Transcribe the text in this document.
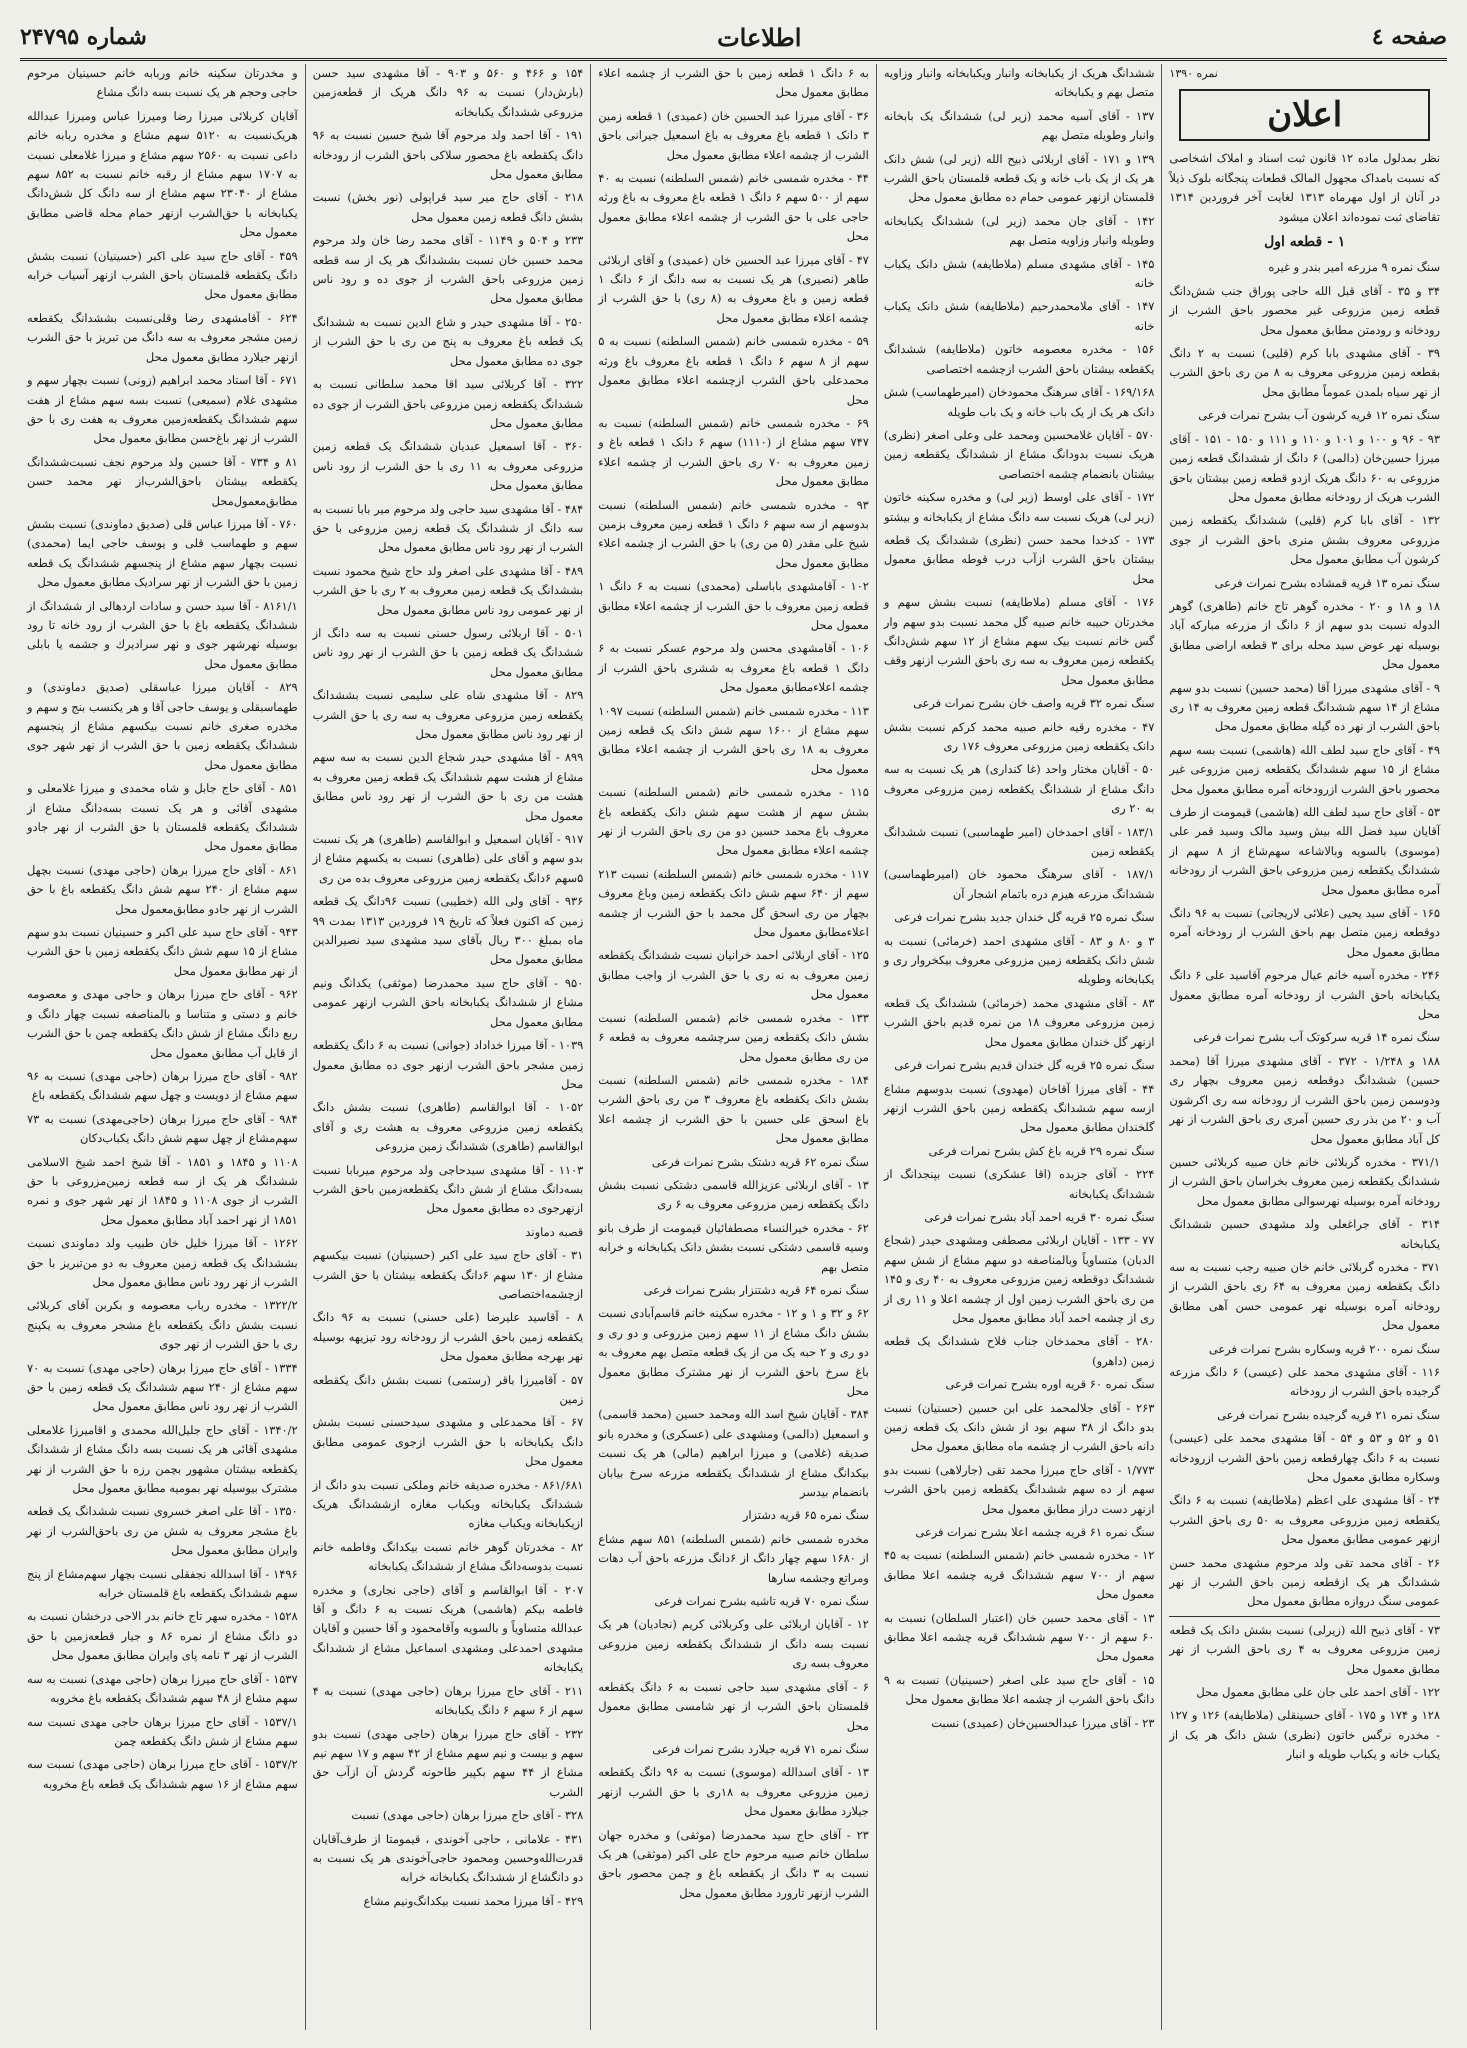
صفحه ٤
اطلاعات
شماره ۲۴۷۹۵
نمره ۱۳۹۰
اعلان
نظر بمدلول ماده ۱۲ قانون ثبت اسناد و املاک اشخاصی که نسبت بامداک مجهول المالک قطعات پنجگانه بلوک ذیلاً در آنان از اول مهرماه ۱۳۱۳ لغایت آخر فروردین ۱۳۱۴ تقاضای ثبت نموده‌اند اعلان میشود
۱ - قطعه اول
سنگ نمره ۹ مزرعه امیر بندر و غیره
۳۴ و ۳۵ - آقای قبل الله حاجی پوراق جنب شش‌دانگ قطعه زمین مزروعی غیر محصور باحق الشرب از رودخانه و رودمتن مطابق معمول محل
۳۹ - آقای مشهدی بابا کرم (قلیی) نسبت به ۲ دانگ بقطعه زمین مزروعی معروف به ۸ من ری باحق الشرب از نهر سیاه بلمدن عموماً مطابق محل
سنگ نمره ۱۲ قریه کرشون آب بشرح نمرات فرعی
۹۳ - ۹۶ و ۱۰۰ و ۱۰۱ و ۱۱۰ و ۱۱۱ و ۱۵۰ - ۱۵۱ - آقای میرزا حسین‌خان (دالمی) ۶ دانگ از ششدانگ قطعه زمین مزروعی به ۶۰ دانگ هریک ازدو قطعه زمین بیشتان باحق الشرب هریک از رودخانه مطابق معمول محل
۱۳۲ - آقای بابا کرم (قلیی) ششدانگ یکقطعه زمین مزروعی معروف بشش منری باحق الشرب از جوی کرشون آب مطابق معمول محل
سنگ نمره ۱۳ قریه قمشاده بشرح نمرات فرعی
۱۸ و ۱۸ و ۲۰ - مخدره گوهر تاج خانم (طاهری) گوهر الدوله نسبت بدو سهم از ۶ دانگ از مزرعه مبارکه آباد بوسیله نهر عوض سید محله برای ۳ قطعه اراضی مطابق معمول محل
۹ - آقای مشهدی میرزا آقا (محمد حسین) نسبت بدو سهم مشاع از ۱۴ سهم ششدانگ قطعه زمین معروف به ۱۴ ری باحق الشرب از نهر ده گیله مطابق معمول محل
۴۹ - آقای حاج سید لطف الله (هاشمی) نسبت بسه سهم مشاع از ۱۵ سهم ششدانگ یکقطعه زمین مزروعی غیر محصور باحق الشرب ازرودخانه آمره مطابق معمول محل
۵۳ - آقای حاج سید لطف الله (هاشمی) قیمومت از طرف آقایان سید فضل الله بیش وسید مالک وسید قمر علی (موسوی) بالسویه وبالاشاعه سهم‌شاع از ۸ سهم از ششدانگ یکقطعه زمین مزروعی باحق الشرب از رودخانه آمره مطابق معمول محل
۱۶۵ - آقای سید یحیی (علائی لاریجانی) نسبت به ۹۶ دانگ دوقطعه زمین متصل بهم باحق الشرب از رودخانه آمره مطابق معمول محل
۲۴۶ - مخدره آسیه خانم عیال مرحوم آقاسید علی ۶ دانگ یکبابخانه باحق الشرب از رودخانه آمره مطابق معمول محل
سنگ نمره ۱۴ قریه سرکوتک آب بشرح نمرات فرعی
۱۸۸ و ۱/۲۴۸ - ۳۷۲ - آقای مشهدی میرزا آقا (محمد حسین) ششدانگ دوقطعه زمین معروف بچهار ری ودوسمن زمین باحق الشرب از رودخانه سه ری اکرشون آب و ۲۰ من بذر ری حسین آمری ری باحق الشرب از نهر کل آباد مطابق معمول محل
۳۷۱/۱ - مخدره گربلائی خانم خان صبیه کربلائی حسین ششدانگ یکقطعه زمین معروف بخراسان باحق الشرب از رودخانه آمره بوسیله نهرسوالی مطابق معمول محل
۳۱۴ - آقای جراغعلی ولد مشهدی حسین ششدانگ یکبابخانه
۳۷۱ - مخدره گربلائی خانم خان صبیه رجب نسبت به سه دانگ یکقطعه زمین معروف به ۶۴ ری باحق الشرب از رودخانه آمره بوسیله نهر عمومی حسن آهی مطابق معمول محل
سنگ نمره ۲۰۰ قریه وسکاره بشرح نمرات فرعی
۱۱۶ - آقای مشهدی محمد علی (عیسی) ۶ دانگ مزرعه گرجیده باحق الشرب از رودخانه
سنگ نمره ۲۱ قریه گرجیده بشرح نمرات فرعی
۵۱ و ۵۲ و ۵۳ و ۵۴ - آقا مشهدی محمد علی (عیسی) نسبت به ۶ دانگ چهارقطعه زمین باحق الشرب ازرودخانه وسکاره مطابق معمول محل
۲۴ - آقا مشهدی علی اعظم (ملاطایفه) نسبت به ۶ دانگ یکقطعه زمین مزروعی معروف به ۵۰ ری باحق الشرب ازنهر عمومی مطابق معمول محل
۲۶ - آقای محمد تقی ولد مرحوم مشهدی محمد حسن ششدانگ هر یک ازقطعه زمین باحق الشرب از نهر عمومی سنگ دروازه مطابق معمول محل
۷۳ - آقای ذبیح الله (زیرلی) نسبت بشش دانک یک قطعه زمین مزروعی معروف به ۴ ری باحق الشرب از نهر مطابق معمول محل
۱۲۲ - آقای احمد علی جان علی مطابق معمول محل
۱۲۸ و ۱۷۴ و ۱۷۵ - آقای حسینقلی (ملاطایفه) ۱۲۶ و ۱۲۷ - مخدره نرگس خاتون (نظری) شش دانگ هر یک از یکباب خانه و یکباب طویله و انبار
ششدانگ هریک از یکبابخانه وانبار ویکبابخانه وانبار وزاویه متصل بهم و یکبابخانه
۱۳۷ - آقای آسیه محمد (زیر لی) ششدانگ یک بابخانه وانبار وطویله متصل بهم
۱۳۹ و ۱۷۱ - آقای اربلائی ذبیح الله (زیر لی) شش دانک هر یک از یک باب خانه و یک قطعه قلمستان باحق الشرب قلمستان ازنهر عمومی حمام ده مطابق معمول محل
۱۴۲ - آقای جان محمد (زیر لی) ششدانگ یکبابخانه وطویله وانبار وزاویه متصل بهم
۱۴۵ - آقای مشهدی مسلم (ملاطایفه) شش دانک یکباب خانه
۱۴۷ - آقای ملامحمدرحیم (ملاطایفه) شش دانک یکباب خانه
۱۵۶ - مخدره معصومه خاتون (ملاطایفه) ششدانگ یکقطعه بیشتان باحق الشرب ازچشمه اختصاصی
۱۶۹/۱۶۸ - آقای سرهنگ محمودخان (امیرطهماسب) شش دانک هر یک از یک باب خانه و یک باب طویله
۵۷۰ - آقایان غلامحسین ومحمد علی وعلی اصغر (نظری) هریک نسبت بدودانگ مشاع از ششدانگ یکقطعه زمین بیشتان بانضمام چشمه اختصاصی
۱۷۲ - آقای علی اوسط (زیر لی) و مخدره سکینه خاتون (زیر لی) هریک نسبت سه دانگ مشاع از یکبابخانه و بیشتو
۱۷۳ - کدخدا محمد حسن (نظری) ششدانگ یک قطعه بیشتان باحق الشرب ازآب درب قوطه مطابق معمول محل
۱۷۶ - آقای مسلم (ملاطایفه) نسبت بشش سهم و مخدرتان حبیبه خانم صبیه گل محمد نسبت بدو سهم وار گس خانم نسبت بیک سهم مشاع از ۱۲ سهم شش‌دانگ یکقطعه زمین معروف به سه ری باحق الشرب ازنهر وقف مطابق معمول محل
سنگ نمره ۳۲ قریه واصف خان بشرح نمرات فرعی
۴۷ - مخدره رقیه خانم صبیه محمد کرکم نسبت بشش دانک یکقطعه زمین مزروعی معروف ۱۷۶ ری
۵۰ - آقایان مختار واحد (غا کنداری) هر یک نسبت به سه دانگ مشاع از ششدانگ یکقطعه زمین مزروعی معروف به ۲۰ ری
۱۸۳/۱ - آقای احمدخان (امیر طهماسبی) نسبت ششدانگ یکقطعه زمین
۱۸۷/۱ - آقای سرهنگ محمود خان (امیرطهماسبی) ششدانگ مزرعه هیزم دره باتمام اشجار آن
سنگ نمره ۲۵ قریه گل خندان جدید بشرح نمرات فرعی
۳ و ۸۰ و ۸۳ - آقای مشهدی احمد (خرمائی) نسبت به شش دانک یکقطعه زمین مزروعی معروف بیکخروار ری و یکبابخانه وطویله
۸۳ - آقای مشهدی محمد (خرمائی) ششدانگ یک قطعه زمین مزروعی معروف ۱۸ من نمره قدیم باحق الشرب ازنهر گل خندان مطابق معمول محل
سنگ نمره ۲۵ قریه گل خندان قدیم بشرح نمرات فرعی
۴۴ - آقای میرزا آقاخان (مهدوی) نسبت بدوسهم مشاع ازسه سهم ششدانگ یکقطعه زمین باحق الشرب ازنهر گلخندان مطابق معمول محل
سنگ نمره ۲۹ قریه باغ کش بشرح نمرات فرعی
۲۲۴ - آقای جزبده (اقا عشکری) نسبت بپنجدانگ از ششدانگ یکبابخانه
سنگ نمره ۳۰ قریه احمد آباد بشرح نمرات فرعی
۷۷ - ۱۳۳ - آقایان اربلائی مصطفی ومشهدی حیدر (شجاع الدبان) متساویاً وبالمناصفه دو سهم مشاع از شش سهم ششدانگ دوقطعه زمین مزروعی معروف به ۴۰ ری و ۱۴۵ من ری باحق الشرب زمین اول از چشمه اعلا و ۱۱ ری از ری از چشمه احمد آباد مطابق معمول محل
۲۸۰ - آقای محمدخان جناب فلاح ششدانگ یک قطعه زمین (داهرو)
سنگ نمره ۶۰ قریه اوره بشرح نمرات فرعی
۲۶۳ - آقای جلالمحمد علی ابن حسین (حسنیان) نسبت بدو دانگ از ۳۸ سهم بود از شش دانک یک قطعه زمین دانه باحق الشرب از چشمه ماه مطابق معمول محل
۱/۷۷۳ - آقای حاج میرزا محمد تقی (جارلاهی) نسبت بدو سهم از ده سهم ششدانگ یکقطعه زمین باحق الشرب ازنهر دست دراز مطابق معمول محل
سنگ نمره ۶۱ قریه چشمه اعلا بشرح نمرات فرعی
۱۲ - مخدره شمسی خانم (شمس السلطنه) نسبت به ۴۵ سهم از ۷۰۰ سهم ششدانگ قریه چشمه اعلا مطابق معمول محل
۱۳ - آقای محمد حسین خان (اعتبار السلطان) نسبت به ۶۰ سهم از ۷۰۰ سهم ششدانگ قریه چشمه اعلا مطابق معمول محل
۱۵ - آقای حاج سید علی اصغر (حسینیان) نسبت به ۹ دانگ باحق الشرب از چشمه اعلا مطابق معمول محل
۲۳ - آقای میرزا عبدالحسین‌خان (عمیدی) نسبت
به ۶ دانگ ۱ قطعه زمین با حق الشرب از چشمه اعلاء مطابق معمول محل
۳۶ - آقای میرزا عبد الحسین خان (عمیدی) ۱ قطعه زمین ۳ دانک ۱ قطعه باغ معروف به باغ اسمعیل جیرانی باحق الشرب از چشمه اعلاء مطابق معمول محل
۴۴ - مخدره شمسی خانم (شمس السلطنه) نسبت به ۴۰ سهم از ۵۰۰ سهم ۶ دانگ ۱ قطعه باغ معروف به باغ ورثه حاجی علی با حق الشرب از چشمه اعلاء مطابق معمول محل
۴۷ - آقای میرزا عبد الحسین خان (عمیدی) و آقای اربلائی طاهر (نصیری) هر یک نسبت به سه دانگ از ۶ دانگ ۱ قطعه زمین و باغ معروف به (۸ ری) با حق الشرب از چشمه اعلاء مطابق معمول محل
۵۹ - مخدره شمسی خانم (شمس السلطنه) نسبت به ۵ سهم از ۸ سهم ۶ دانگ ۱ قطعه باغ معروف باغ ورثه محمدعلی باحق الشرب ازچشمه اعلاء مطابق معمول محل
۶۹ - مخدره شمسی خانم (شمس السلطنه) نسبت به ۷۴۷ سهم مشاع از (۱۱۱۰) سهم ۶ دانک ۱ قطعه باغ و زمین معروف به ۷۰ ری باحق الشرب از چشمه اعلاء مطابق معمول محل
۹۳ - مخدره شمسی خانم (شمس السلطنه) نسبت بدوسهم از سه سهم ۶ دانگ ۱ قطعه زمین معروف بزمین شیخ علی مقدر (۵ من ری) با حق الشرب از چشمه اعلاء مطابق معمول محل
۱۰۲ - آقامشهدی باباسلی (محمدی) نسبت به ۶ دانگ ۱ قطعه زمین معروف با حق الشرب از چشمه اعلاء مطابق معمول محل
۱۰۶ - آقامشهدی محسن ولد مرحوم عسکر نسبت به ۶ دانگ ۱ قطعه باغ معروف به ششری باحق الشرب از چشمه اعلاءمطابق معمول محل
۱۱۳ - مخدره شمسی خانم (شمس السلطنه) نسبت ۱۰۹۷ سهم مشاع از ۱۶۰۰ سهم شش دانک یک قطعه زمین معروف به ۱۸ ری باحق الشرب از چشمه اعلاء مطابق معمول محل
۱۱۵ - مخدره شمسی خانم (شمس السلطنه) نسبت بشش سهم از هشت سهم شش دانک یکقطعه باغ معروف باغ محمد حسین دو من ری باحق الشرب از نهر چشمه اعلاء مطابق معمول محل
۱۱۷ - مخدره شمسی خانم (شمس السلطنه) نسبت ۲۱۳ سهم از ۶۴۰ سهم شش دانک یکقطعه زمین وباغ معروف بچهار من ری اسحق گل محمد با حق الشرب از چشمه اعلاءمطابق معمول محل
۱۲۵ - آقای اربلائی احمد خرانیان نسبت ششدانگ یکقطعه زمین معروف به نه ری با حق الشرب از واجب مطابق معمول محل
۱۳۳ - مخدره شمسی خانم (شمس السلطنه) نسبت بشش دانک یکقطعه زمین سرچشمه معروف به قطعه ۶ من ری مطابق معمول محل
۱۸۴ - مخدره شمسی خانم (شمس السلطنه) نسبت بشش دانک یکقطعه باغ معروف ۳ من ری باحق الشرب باغ اسحق علی حسین با حق الشرب از چشمه اعلا مطابق معمول محل
سنگ نمره ۶۲ قریه دشتک بشرح نمرات فرعی
۱۳ - آقای اربلائی عزیزالله قاسمی دشتکی نسبت بشش دانگ یکقطعه زمین مزروعی معروف به ۶ ری
۶۲ - مخدره خیرالنساء مصطفائیان قیمومت از طرف بانو وسیه قاسمی دشتکی نسبت بشش دانک یکبابخانه و خرابه متصل بهم
سنگ نمره ۶۴ قریه دشتنزار بشرح نمرات فرعی
۶۲ و ۳۲ و ۱ و ۱۲ - مخدره سکینه خانم قاسم‌آبادی نسبت بشش دانگ مشاع از ۱۱ سهم زمین مزروعی و دو ری و دو ری و ۲ حبه یک من از یک قطعه متصل بهم معروف به باغ سرخ باحق الشرب از نهر مشترک مطابق معمول محل
۳۸۴ - آقایان شیخ اسد الله ومحمد حسین (محمد قاسمی) و اسمعیل (دالمی) ومشهدی علی (عسکری) و مخدره بانو صدیقه (غلامی) و میرزا ابراهیم (مالی) هر یک نسبت بیکدانگ مشاع از ششدانگ یکقطعه مزرعه سرخ بیابان بانضمام بیدسر
سنگ نمره ۶۵ قریه دشتزار
مخدره شمسی خانم (شمس السلطنه) ۸۵۱ سهم مشاع از ۱۶۸۰ سهم چهار دانگ از ۶دانگ مزرعه باحق آب دهات ومراتع وجشمه سارها
سنگ نمره ۷۰ قریه تاشیه بشرح نمرات فرعی
۱۲ - آقایان اربلائی علی وکربلائی کریم (نجادیان) هر یک نسبت بسه دانگ از ششدانگ یکقطعه زمین مزروعی معروف بسه ری
۶ - آقای مشهدی سید حاجی نسبت به ۶ دانگ یکقطعه قلمستان باحق الشرب از نهر شامسی مطابق معمول محل
سنگ نمره ۷۱ قریه جیلارد بشرح نمرات فرعی
۱۳ - آقای اسدالله (موسوی) نسبت به ۹۶ دانگ یکقطعه زمین مزروعی معروف به ۱۸ری با حق الشرب ازنهر جیلارد مطابق معمول محل
۲۳ - آقای حاج سید محمدرضا (موثقی) و مخدره جهان سلطان خانم صبیه مرحوم حاج علی اکبر (موثقی) هر یک نسبت به ۳ دانگ از یکقطعه باغ و چمن محصور باحق الشرب ازنهر تارورد مطابق معمول محل
۱۵۴ و ۴۶۶ و ۵۶۰ و ۹۰۳ - آقا مشهدی سید حسن (بارش‌دار) نسبت به ۹۶ دانگ هریک از قطعه‌زمین مزروعی ششدانگ یکبابخانه
۱۹۱ - آقا احمد ولد مرحوم آقا شیخ حسین نسبت به ۹۶ دانگ یکقطعه باغ محصور سلاکی باحق الشرب از رودخانه مطابق معمول محل
۲۱۸ - آقای حاج میر سید قراپولی (نور بخش) نسبت بشش دانگ قطعه زمین معمول محل
۲۳۳ و ۵۰۴ و ۱۱۴۹ - آقای محمد رضا خان ولد مرحوم محمد حسین خان نسبت بششدانگ هر یک از سه قطعه زمین مزروعی باحق الشرب از جوی ده و رود ناس مطابق معمول محل
۲۵۰ - آقا مشهدی حیدر و شاع الدین نسبت به ششدانگ یک قطعه باغ معروف به پنج من ری با حق الشرب از جوی ده مطابق معمول محل
۳۲۲ - آقا کربلائی سید اقا محمد سلطانی نسبت به ششدانگ یکقطعه زمین مزروعی باحق الشرب از جوی ده مطابق معمول محل
۳۶۰ - آقا اسمعیل عبدیان ششدانگ یک قطعه زمین مزروعی معروف به ۱۱ ری با حق الشرب از رود ناس مطابق معمول محل
۴۸۴ - آقا مشهدی سید حاجی ولد مرحوم میر بابا نسبت به سه دانگ از ششدانگ یک قطعه زمین مزروعی با حق الشرب از نهر رود ناس مطابق معمول محل
۴۸۹ - آقا مشهدی علی اصغر ولد حاج شیخ محمود نسبت بششدانگ یک قطعه زمین معروف به ۲ ری با حق الشرب از نهر عمومی رود ناس مطابق معمول محل
۵۰۱ - آقا اربلائی رسول حسنی نسبت به سه دانگ از ششدانگ یک قطعه زمین با حق الشرب از نهر رود ناس مطابق معمول محل
۸۲۹ - آقا مشهدی شاه علی سلیمی نسبت بششدانگ یکقطعه زمین مزروعی معروف به سه ری با حق الشرب از نهر رود ناس مطابق معمول محل
۸۹۹ - آقا مشهدی حیدر شجاع الدین نسبت به سه سهم مشاع از هشت سهم ششدانگ یک قطعه زمین معروف به هشت من ری با حق الشرب از نهر رود ناس مطابق معمول محل
۹۱۷ - آقایان اسمعیل و ابوالقاسم (طاهری) هر یک نسبت بدو سهم و آقای علی (طاهری) نسبت به یکسهم مشاع از ۵سهم ۶دانگ یکقطعه زمین مزروعی معروف بده من ری
۹۳۶ - آقای ولی الله (خطیبی) نسبت ۹۶دانگ یک قطعه زمین که اکنون فعلاً که تاریخ ۱۹ فروردین ۱۳۱۳ بمدت ۹۹ ماه بمبلغ ۳۰۰ ریال بآقای سید مشهدی سید نصیرالدین مطابق معمول محل
۹۵۰ - آقای حاج سید محمدرضا (موثقی) یکدانگ ونیم مشاع از ششدانگ یکبابخانه باحق الشرب ازنهر عمومی مطابق معمول محل
۱۰۳۹ - آقا میرزا خداداد (جوانی) نسبت به ۶ دانگ یکقطعه زمین مشجر باحق الشرب ازنهر جوی ده مطابق معمول محل
۱۰۵۲ - آقا ابوالقاسم (طاهری) نسبت بشش دانگ یکقطعه زمین مزروعی معروف به هشت ری و آقای ابوالقاسم (طاهری) ششدانگ زمین مزروعی
۱۱۰۳ - آقا مشهدی سیدحاجی ولد مرحوم میربابا نسبت بسه‌دانگ مشاع از شش دانگ یکقطعه‌زمین باحق الشرب ازنهرجوی ده مطابق معمول محل
قصبه دماوند
۳۱ - آقای حاج سید علی اکبر (حسینیان) نسبت بیکسهم مشاع از ۱۳۰ سهم ۶دانگ یکقطعه بیشتان با حق الشرب ازچشمه‌اختصاصی
۸ - آقاسید علیرضا (علی حسنی) نسبت به ۹۶ دانگ یکقطعه زمین باحق الشرب از رودخانه رود تیزیهه بوسیله نهر بهرجه مطابق معمول محل
۵۷ - آقامیرزا باقر (رستمی) نسبت بشش دانگ یکقطعه زمین
۶۷ - آقا محمدعلی و مشهدی سیدحسنی نسبت بشش دانگ یکبابخانه با حق الشرب ازجوی عمومی مطابق معمول محل
۸۶۱/۶۸۱ - مخدره صدیقه خانم وملکی نسبت بدو دانگ از ششدانگ یکبابخانه ویکباب مغازه ازششدانگ هریک ازیکبابخانه ویکباب مغازه
۸۲ - مخدرتان گوهر خانم نسبت بیکدانگ وفاطمه خانم نسبت بدوسه‌دانگ مشاع از ششدانگ یکبابخانه
۲۰۷ - آقا ابوالقاسم و آقای (حاجی نجاری) و مخدره فاطمه بیکم (هاشمی) هریک نسبت به ۶ دانگ و آقا عبدالله متساویاً و بالسویه وآقامحمود و آقا حسین و آقایان مشهدی احمدعلی ومشهدی اسماعیل مشاع از ششدانگ یکبابخانه
۲۱۱ - آقای حاج میرزا برهان (حاجی مهدی) نسبت به ۴ سهم از ۶ سهم ۶ دانگ یکبابخانه
۲۳۲ - آقای حاج میرزا برهان (حاجی مهدی) نسبت بدو سهم و بیست و نیم سهم مشاع از ۴۲ سهم و ۱۷ سهم نیم مشاع از ۴۴ سهم بکپیر طاحونه گردش آن ازآب حق الشرب
۳۲۸ - آقای حاج میرزا برهان (حاجی مهدی) نسبت
۴۳۱ - علامانی ، حاجی آخوندی ، قیمومتا از طرف‌آقایان قدرت‌الله‌وحسین ومحمود حاجی‌آخوندی هر یک نسبت به دو دانگشاع از ششدانگ یکبابخانه خرابه
۴۲۹ - آقا میرزا محمد نسبت بیکدانگ‌ونیم مشاع
و مخدرتان سکینه خانم وربابه خانم حسینیان مرحوم حاجی وحجم هر یک نسبت بسه دانگ مشاع
آقایان کربلائی میرزا رضا ومیرزا عباس ومیرزا عبدالله هریک‌نسبت به ۵۱۲۰ سهم مشاع و مخدره ربابه خانم داعی نسبت به ۲۵۶۰ سهم مشاع و میرزا غلامعلی نسبت به ۱۷۰۷ سهم مشاع از رقبه خانم نسبت به ۸۵۲ سهم مشاع از ۲۳۰۴۰ سهم مشاع از سه دانگ کل شش‌دانگ یکبابخانه با حق‌الشرب ازنهر حمام محله قاضی مطابق معمول محل
۴۵۹ - آقای حاج سید علی اکبر (حسینیان) نسبت بشش دانگ یکقطعه قلمستان باحق الشرب ازنهر آسیاب خرابه مطابق معمول محل
۶۲۴ - آقامشهدی رضا وقلی‌نسبت بششدانگ یکقطعه زمین مشجر معروف به سه دانگ من تبریز با حق الشرب ازنهر جیلارد مطابق معمول محل
۶۷۱ - آقا استاد محمد ابراهیم (زونی) نسبت بچهار سهم و مشهدی غلام (سمیعی) نسبت بسه سهم مشاع از هفت سهم ششدانگ یکقطعه‌زمین معروف به هفت ری با حق الشرب از نهر باغ‌حسن مطابق معمول محل
۸۱ و ۷۳۴ - آقا حسین ولد مرحوم نجف نسبت‌ششدانگ یکقطعه بیشتان باحق‌الشرب‌از نهر محمد حسن مطابق‌معمول‌محل
۷۶۰ - آقا میرزا عباس قلی (صدیق دماوندی) نسبت بشش سهم و طهماسب قلی و یوسف حاجی ایما (محمدی) نسبت بچهار سهم مشاع از پنجسهم ششدانگ یک قطعه زمین با حق الشرب از نهر سرادیک مطابق معمول محل
۸۱۶۱/۱ - آقا سید حسن و سادات اردهالی از ششدانگ از ششدانگ یکقطعه باغ با حق الشرب از رود خانه تا رود بوسیله نهرشهر جوی و نهر سرادیرك و جشمه یا بابلی مطابق معمول محل
۸۲۹ - آقایان میرزا عباسقلی (صدیق دماوندی) و طهماسبقلی و یوسف حاجی آقا و هر یکنسب بنج و سهم و مخدره صغری خانم نسبت بیکسهم مشاع از پنجسهم ششدانگ یکقطعه زمین با حق الشرب از نهر شهر جوی مطابق معمول محل
۸۵۱ - آقای حاج جابل و شاه محمدی و میرزا غلامعلی و مشهدی آقائی و هر یک نسبت بسه‌دانگ مشاع از ششدانگ یکقطعه قلمستان با حق الشرب از نهر جادو مطابق معمول محل
۸۶۱ - آقای حاج میرزا برهان (حاجی مهدی) نسبت بچهل سهم مشاع از ۲۴۰ سهم شش دانگ یکقطعه باغ با حق الشرب از نهر جادو مطابق‌معمول محل
۹۴۳ - آقای حاج سید علی اکبر و حسینیان نسبت بدو سهم مشاع از ۱۵ سهم شش دانگ یکقطعه زمین با حق الشرب از نهر مطابق معمول محل
۹۶۲ - آقای حاج میرزا برهان و حاجی مهدی و معصومه خانم و دستی و متناسا و بالمناصفه نسبت چهار دانگ و ربع دانگ مشاع از شش دانگ یکقطعه چمن با حق الشرب از قابل آب مطابق معمول محل
۹۸۲ - آقای حاج میرزا برهان (حاجی مهدی) نسبت به ۹۶ سهم مشاع از دویست و چهل سهم ششدانگ یکقطعه باغ
۹۸۴ - آقای حاج میرزا برهان (حاجی‌مهدی) نسبت به ۷۳ سهم‌مشاع از چهل سهم شش دانگ یکباب‌دکان
۱۱۰۸ و ۱۸۴۵ و ۱۸۵۱ - آقا شیخ احمد شیخ الاسلامی ششدانگ هر یک از سه قطعه زمین‌مزروعی با حق الشرب از جوی ۱۱۰۸ و ۱۸۴۵ از نهر شهر جوی و نمره ۱۸۵۱ از نهر احمد آباد مطابق معمول محل
۱۲۶۲ - آقا میرزا خلیل خان طبیب ولد دماوندی نسبت بششدانگ یک قطعه زمین معروف به دو من‌تبریز با حق الشرب از نهر رود ناس مطابق معمول محل
۱۳۲۲/۲ - مخدره رباب معصومه و بکربن آقای کربلائی نسبت بشش دانگ یکقطعه باغ مشجر معروف به یکپنج ری با حق الشرب از نهر جوی
۱۳۳۴ - آقای حاج میرزا برهان (حاجی مهدی) نسبت به ۷۰ سهم مشاع از ۲۴۰ سهم ششدانگ یک قطعه زمین با حق الشرب از نهر رود ناس مطابق معمول محل
۱۳۴۰/۲ - آقای حاج جلیل‌الله محمدی و اقامیرزا غلامعلی مشهدی آقائی هر یک نسبت بسه دانگ مشاع از ششدانگ یکقطعه بیشتان مشهور بچمن رزه با حق الشرب از نهر مشترک بیوسیله نهر بمومیه مطابق معمول محل
۱۳۵۰ - آقا علی اصغر خسروی نسبت ششدانگ یک قطعه باغ مشجر معروف به شش من ری باحق‌الشرب از نهر وایران مطابق معمول محل
۱۴۹۶ - آقا اسدالله نجفقلی نسبت بچهار سهم‌مشاع از پنج سهم ششدانگ یکقطعه باغ قلمستان خرابه
۱۵۲۸ - مخدره سهر تاج خانم بدر الاحی درخشان نسبت به دو دانگ مشاع از نمره ۸۶ و جیار قطعه‌زمین با حق الشرب از نهر ۳ نامه پای وایران مطابق معمول محل
۱۵۳۷ - آقای حاج میرزا برهان (حاجی مهدی) نسبت به سه سهم مشاع از ۴۸ سهم ششدانگ یکقطعه باغ مخروبه
۱۵۳۷/۱ - آقای حاج میرزا برهان حاجی مهدی نسبت سه سهم مشاع از شش دانگ یکقطعه چمن
۱۵۳۷/۲ - آقای حاج میرزا برهان (حاجی مهدی) نسبت سه سهم مشاع از ۱۶ سهم ششدانگ یک قطعه باغ مخروبه
